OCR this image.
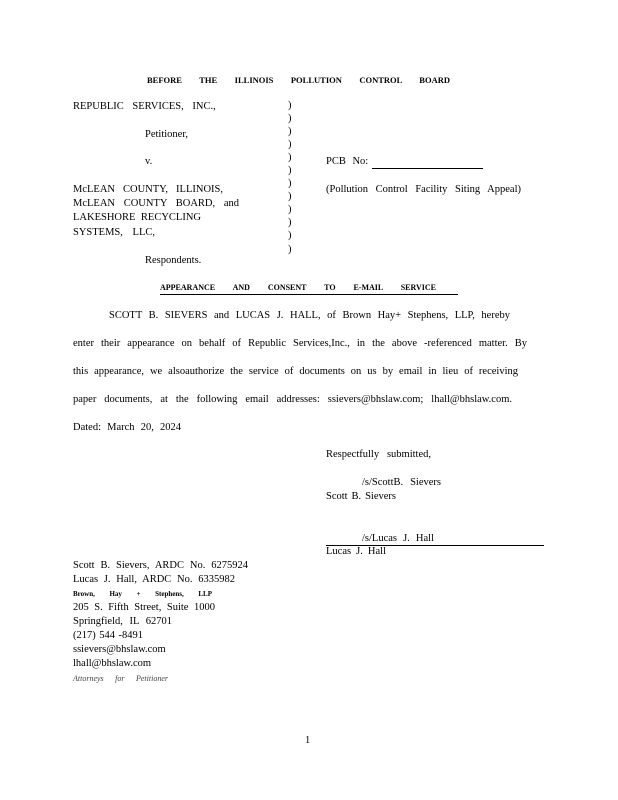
BEFORE THE ILLINOIS POLLUTION CONTROL BOARD
REPUBLIC SERVICES, INC.,
Petitioner,
v.
McLEAN COUNTY, ILLINOIS,
McLEAN COUNTY BOARD, and
LAKESHORE RECYCLING
SYSTEMS, LLC,
Respondents.
)
)
)
)
)
)
)
)
)
)
)
)
PCB No:
(Pollution Control Facility Siting Appeal)
APPEARANCE AND CONSENT TO E-MAIL SERVICE
SCOTT B. SIEVERS and LUCAS J. HALL, of Brown Hay+ Stephens, LLP, hereby
enter their appearance on behalf of Republic Services,Inc., in the above -referenced matter. By
this appearance, we alsoauthorize the service of documents on us by email in lieu of receiving
paper documents, at the following email addresses: ssievers@bhslaw.com; lhall@bhslaw.com.
Dated: March 20, 2024
Respectfully submitted,
/s/ScottB. Sievers
Scott B. Sievers
/s/Lucas J. Hall
Lucas J. Hall
Scott B. Sievers, ARDC No. 6275924
Lucas J. Hall, ARDC No. 6335982
Brown, Hay + Stephens, LLP
205 S. Fifth Street, Suite 1000
Springfield, IL 62701
(217) 544 -8491
ssievers@bhslaw.com
lhall@bhslaw.com
Attorneys for Petitioner
1
